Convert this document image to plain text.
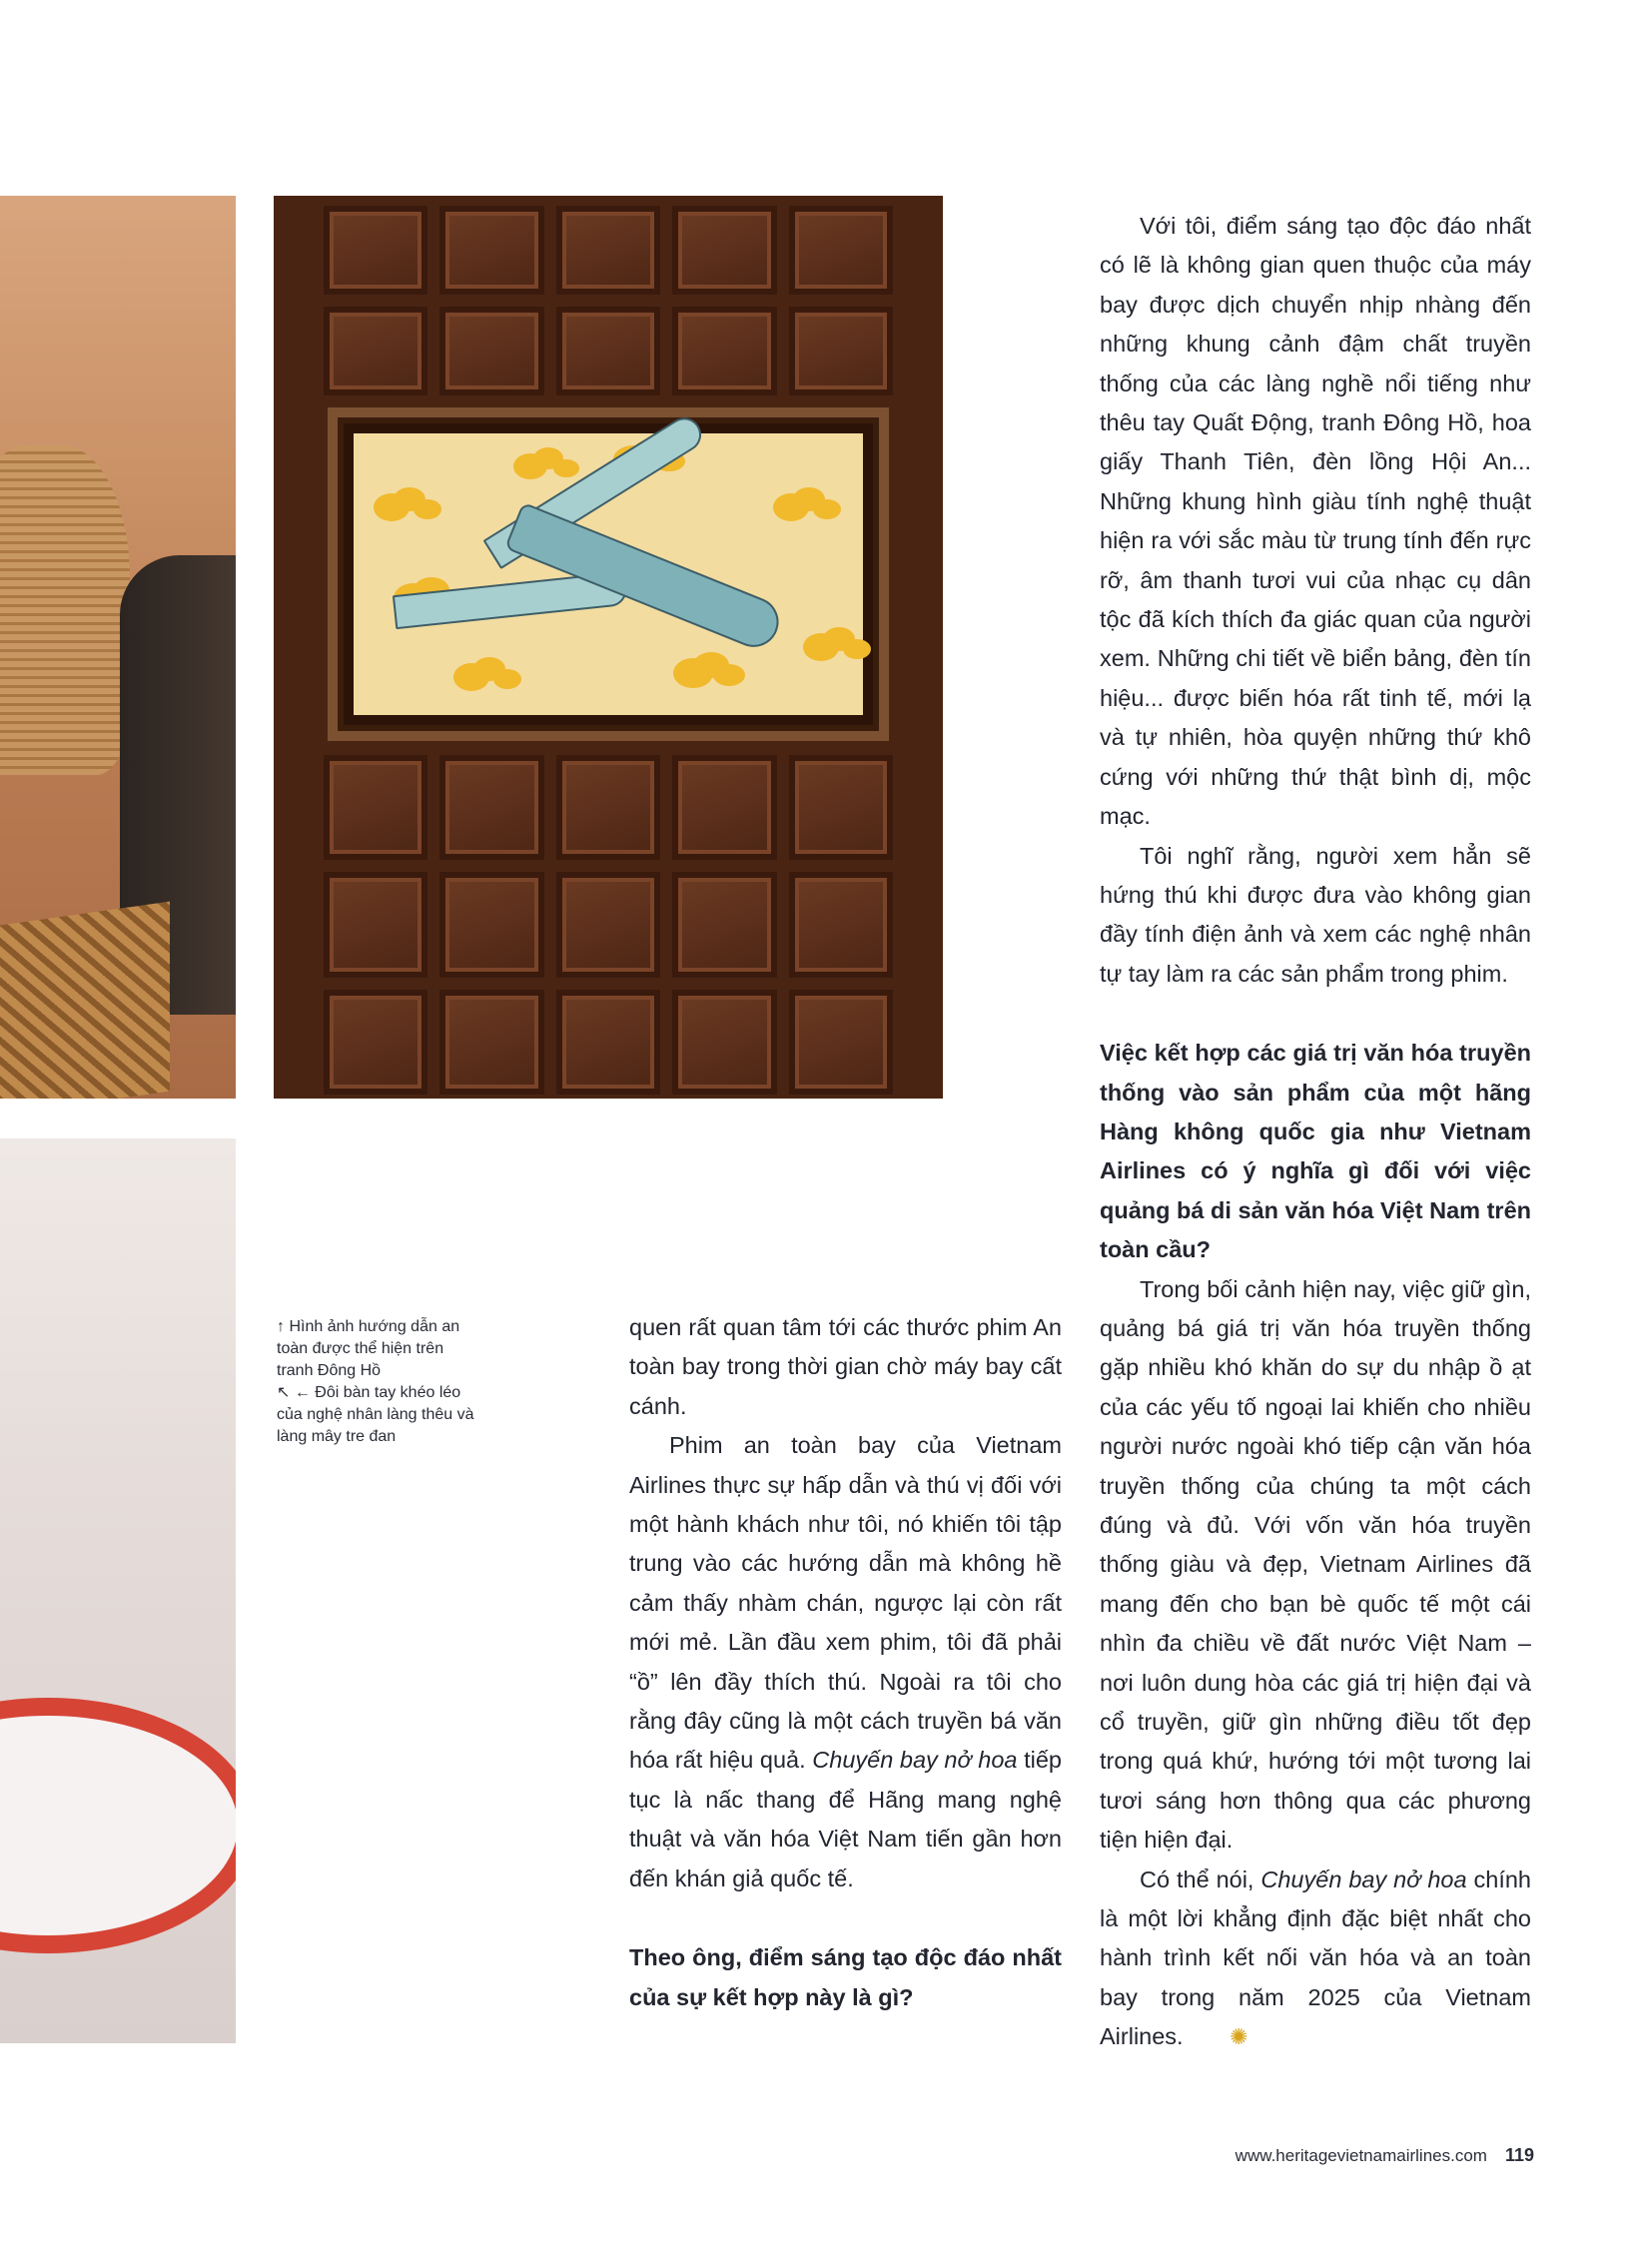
↑ Hình ảnh hướng dẫn an toàn được thể hiện trên tranh Đông Hồ

↖ ← Đôi bàn tay khéo léo của nghệ nhân làng thêu và làng mây tre đan

quen rất quan tâm tới các thước phim An toàn bay trong thời gian chờ máy bay cất cánh.

Phim an toàn bay của Vietnam Airlines thực sự hấp dẫn và thú vị đối với một hành khách như tôi, nó khiến tôi tập trung vào các hướng dẫn mà không hề cảm thấy nhàm chán, ngược lại còn rất mới mẻ. Lần đầu xem phim, tôi đã phải “ồ” lên đầy thích thú. Ngoài ra tôi cho rằng đây cũng là một cách truyền bá văn hóa rất hiệu quả. Chuyến bay nở hoa tiếp tục là nấc thang để Hãng mang nghệ thuật và văn hóa Việt Nam tiến gần hơn đến khán giả quốc tế.

Theo ông, điểm sáng tạo độc đáo nhất của sự kết hợp này là gì?

Với tôi, điểm sáng tạo độc đáo nhất có lẽ là không gian quen thuộc của máy bay được dịch chuyển nhịp nhàng đến những khung cảnh đậm chất truyền thống của các làng nghề nổi tiếng như thêu tay Quất Động, tranh Đông Hồ, hoa giấy Thanh Tiên, đèn lồng Hội An... Những khung hình giàu tính nghệ thuật hiện ra với sắc màu từ trung tính đến rực rỡ, âm thanh tươi vui của nhạc cụ dân tộc đã kích thích đa giác quan của người xem. Những chi tiết về biển bảng, đèn tín hiệu... được biến hóa rất tinh tế, mới lạ và tự nhiên, hòa quyện những thứ khô cứng với những thứ thật bình dị, mộc mạc.

Tôi nghĩ rằng, người xem hẳn sẽ hứng thú khi được đưa vào không gian đầy tính điện ảnh và xem các nghệ nhân tự tay làm ra các sản phẩm trong phim.

Việc kết hợp các giá trị văn hóa truyền thống vào sản phẩm của một hãng Hàng không quốc gia như Vietnam Airlines có ý nghĩa gì đối với việc quảng bá di sản văn hóa Việt Nam trên toàn cầu?

Trong bối cảnh hiện nay, việc giữ gìn, quảng bá giá trị văn hóa truyền thống gặp nhiều khó khăn do sự du nhập ồ ạt của các yếu tố ngoại lai khiến cho nhiều người nước ngoài khó tiếp cận văn hóa truyền thống của chúng ta một cách đúng và đủ. Với vốn văn hóa truyền thống giàu và đẹp, Vietnam Airlines đã mang đến cho bạn bè quốc tế một cái nhìn đa chiều về đất nước Việt Nam – nơi luôn dung hòa các giá trị hiện đại và cổ truyền, giữ gìn những điều tốt đẹp trong quá khứ, hướng tới một tương lai tươi sáng hơn thông qua các phương tiện hiện đại.

Có thể nói, Chuyến bay nở hoa chính là một lời khẳng định đặc biệt nhất cho hành trình kết nối văn hóa và an toàn bay trong năm 2025 của Vietnam Airlines. ✺

www.heritagevietnamairlines.com 119
